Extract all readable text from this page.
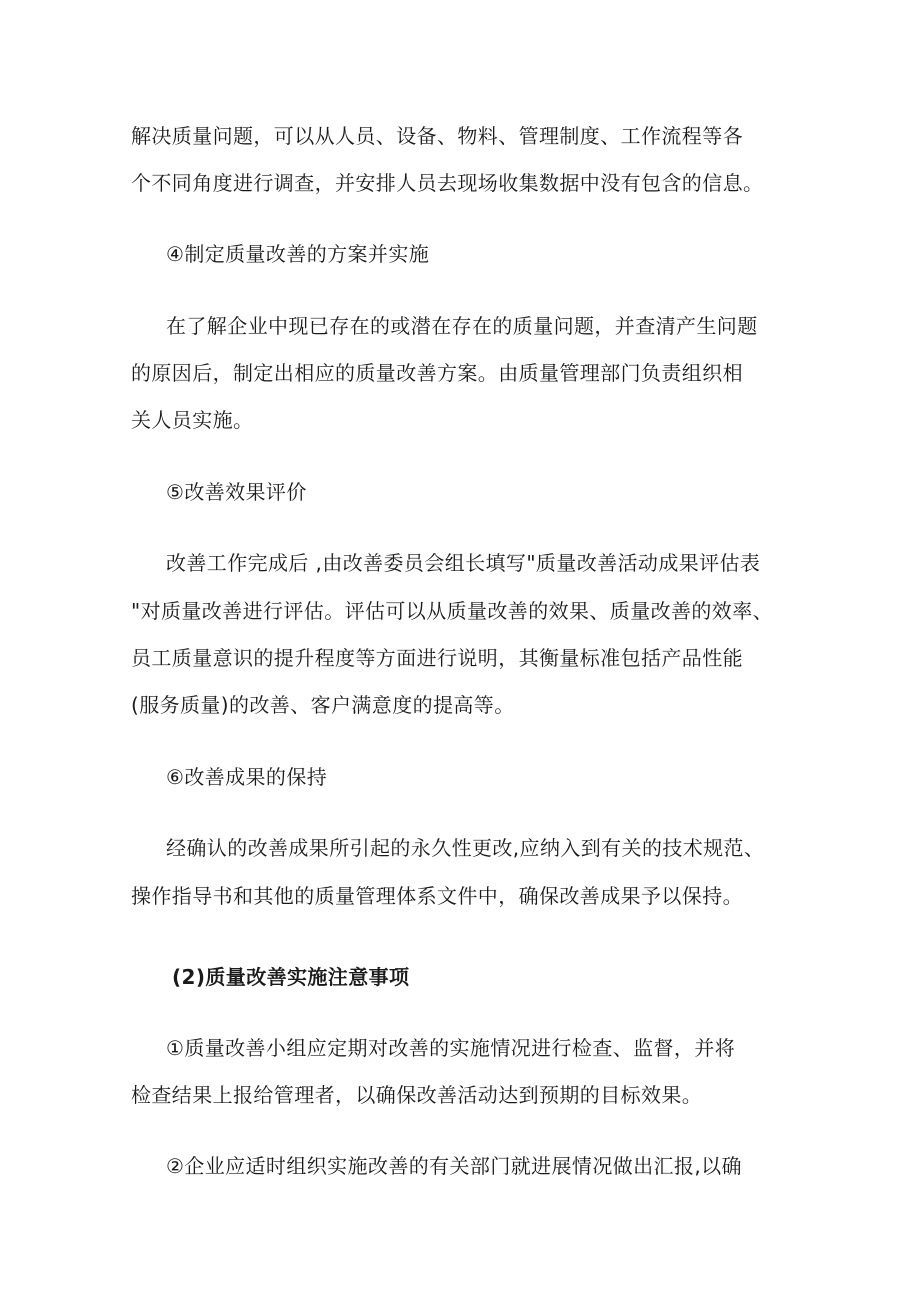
解决质量问题，可以从人员、设备、物料、管理制度、工作流程等各
个不同角度进行调查，并安排人员去现场收集数据中没有包含的信息。
④制定质量改善的方案并实施
在了解企业中现已存在的或潜在存在的质量问题，并查清产生问题
的原因后，制定出相应的质量改善方案。由质量管理部门负责组织相
关人员实施。
⑤改善效果评价
改善工作完成后 ,由改善委员会组长填写"质量改善活动成果评估表
"对质量改善进行评估。评估可以从质量改善的效果、质量改善的效率、
员工质量意识的提升程度等方面进行说明，其衡量标准包括产品性能
(服务质量)的改善、客户满意度的提高等。
⑥改善成果的保持
经确认的改善成果所引起的永久性更改,应纳入到有关的技术规范、
操作指导书和其他的质量管理体系文件中，确保改善成果予以保持。
(2)质量改善实施注意事项
①质量改善小组应定期对改善的实施情况进行检查、监督，并将
检查结果上报给管理者，以确保改善活动达到预期的目标效果。
②企业应适时组织实施改善的有关部门就进展情况做出汇报,以确
